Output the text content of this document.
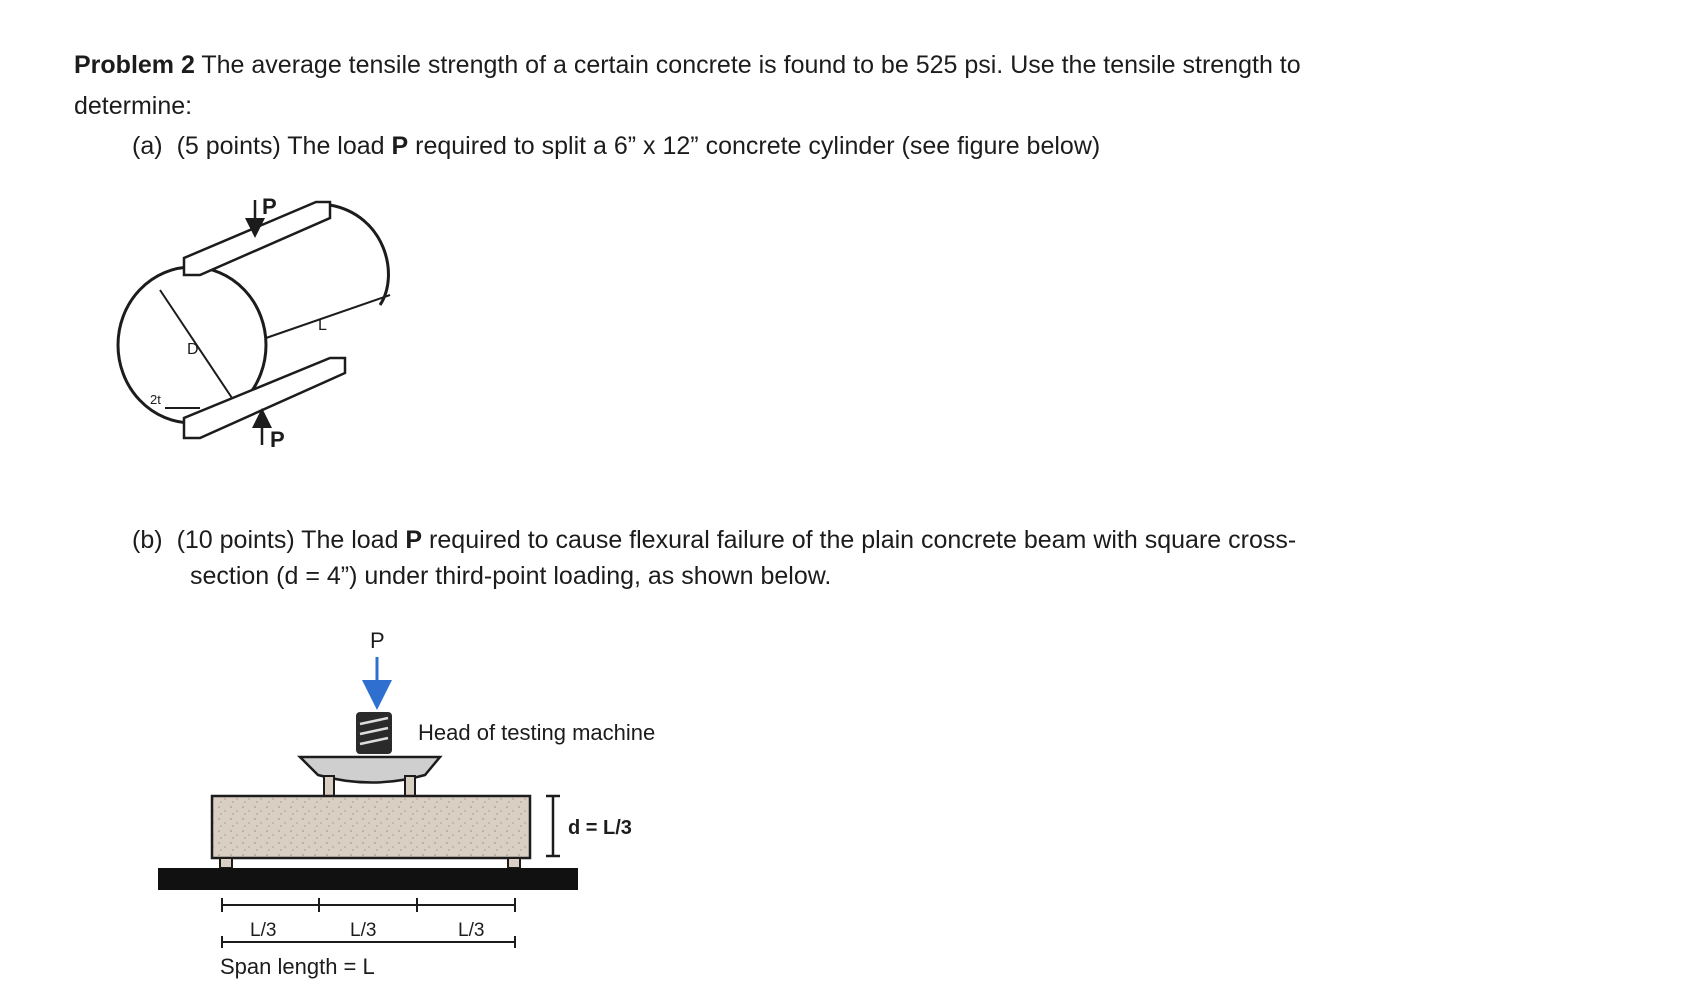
Problem 2 The average tensile strength of a certain concrete is found to be 525 psi. Use the tensile strength to
determine:
(a) (5 points) The load P required to split a 6” x 12” concrete cylinder (see figure below)
(b) (10 points) The load P required to cause flexural failure of the plain concrete beam with square cross-
section (d = 4”) under third-point loading, as shown below.
P
P
L
D
2t
P
Head of testing machine
d = L/3
L/3	L/3	L/3
Span length = L
